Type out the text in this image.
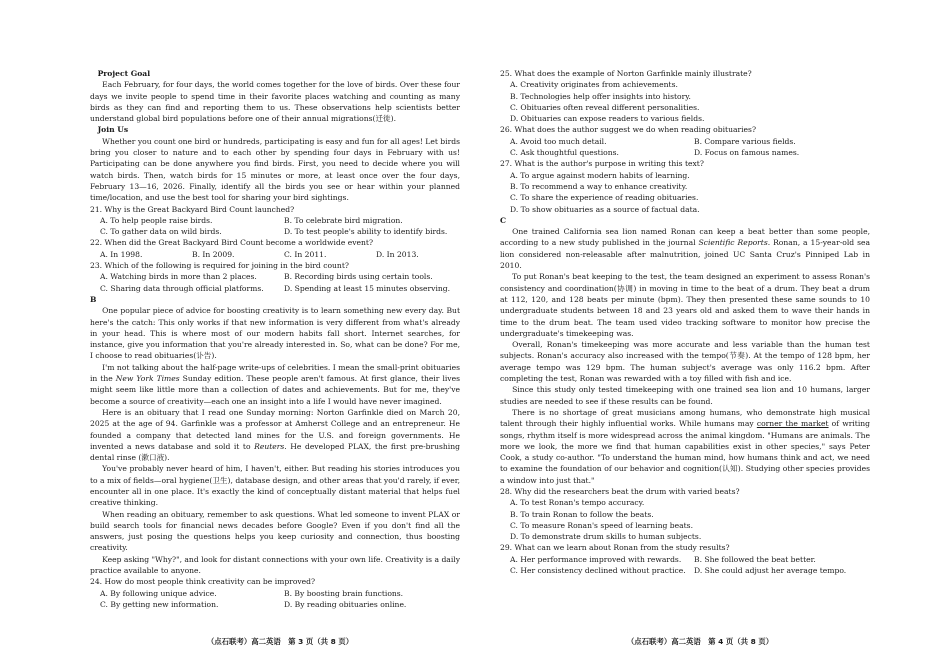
Project Goal

Each February, for four days, the world comes together for the love of birds. Over these four days we invite people to spend time in their favorite places watching and counting as many birds as they can find and reporting them to us. These observations help scientists better understand global bird populations before one of their annual migrations(迁徙).

Join Us

Whether you count one bird or hundreds, participating is easy and fun for all ages! Let birds bring you closer to nature and to each other by spending four days in February with us! Participating can be done anywhere you find birds. First, you need to decide where you will watch birds. Then, watch birds for 15 minutes or more, at least once over the four days, February 13—16, 2026. Finally, identify all the birds you see or hear within your planned time/location, and use the best tool for sharing your bird sightings.

21. Why is the Great Backyard Bird Count launched?

A. To help people raise birds.	B. To celebrate bird migration.
C. To gather data on wild birds.	D. To test people's ability to identify birds.

22. When did the Great Backyard Bird Count become a worldwide event?

A. In 1998.	B. In 2009.	C. In 2011.	D. In 2013.

23. Which of the following is required for joining in the bird count?

A. Watching birds in more than 2 places.	B. Recording birds using certain tools.
C. Sharing data through official platforms.	D. Spending at least 15 minutes observing.

B

One popular piece of advice for boosting creativity is to learn something new every day. But here's the catch: This only works if that new information is very different from what's already in your head. This is where most of our modern habits fall short. Internet searches, for instance, give you information that you're already interested in. So, what can be done? For me, I choose to read obituaries(讣告).

I'm not talking about the half-page write-ups of celebrities. I mean the small-print obituaries in the New York Times Sunday edition. These people aren't famous. At first glance, their lives might seem like little more than a collection of dates and achievements. But for me, they've become a source of creativity—each one an insight into a life I would have never imagined.

Here is an obituary that I read one Sunday morning: Norton Garfinkle died on March 20, 2025 at the age of 94. Garfinkle was a professor at Amherst College and an entrepreneur. He founded a company that detected land mines for the U.S. and foreign governments. He invented a news database and sold it to Reuters. He developed PLAX, the first pre-brushing dental rinse (漱口液).

You've probably never heard of him, I haven't, either. But reading his stories introduces you to a mix of fields—oral hygiene(卫生), database design, and other areas that you'd rarely, if ever, encounter all in one place. It's exactly the kind of conceptually distant material that helps fuel creative thinking.

When reading an obituary, remember to ask questions. What led someone to invent PLAX or build search tools for financial news decades before Google? Even if you don't find all the answers, just posing the questions helps you keep curiosity and connection, thus boosting creativity.

Keep asking "Why?", and look for distant connections with your own life. Creativity is a daily practice available to anyone.

24. How do most people think creativity can be improved?

A. By following unique advice.	B. By boosting brain functions.
C. By getting new information.	D. By reading obituaries online.

25. What does the example of Norton Garfinkle mainly illustrate?

A. Creativity originates from achievements.
B. Technologies help offer insights into history.
C. Obituaries often reveal different personalities.
D. Obituaries can expose readers to various fields.

26. What does the author suggest we do when reading obituaries?

A. Avoid too much detail.	B. Compare various fields.
C. Ask thoughtful questions.	D. Focus on famous names.

27. What is the author's purpose in writing this text?

A. To argue against modern habits of learning.
B. To recommend a way to enhance creativity.
C. To share the experience of reading obituaries.
D. To show obituaries as a source of factual data.

C

One trained California sea lion named Ronan can keep a beat better than some people, according to a new study published in the journal Scientific Reports. Ronan, a 15-year-old sea lion considered non-releasable after malnutrition, joined UC Santa Cruz's Pinniped Lab in 2010.

To put Ronan's beat keeping to the test, the team designed an experiment to assess Ronan's consistency and coordination(协调) in moving in time to the beat of a drum. They beat a drum at 112, 120, and 128 beats per minute (bpm). They then presented these same sounds to 10 undergraduate students between 18 and 23 years old and asked them to wave their hands in time to the drum beat. The team used video tracking software to monitor how precise the undergraduate's timekeeping was.

Overall, Ronan's timekeeping was more accurate and less variable than the human test subjects. Ronan's accuracy also increased with the tempo(节奏). At the tempo of 128 bpm, her average tempo was 129 bpm. The human subject's average was only 116.2 bpm. After completing the test, Ronan was rewarded with a toy filled with fish and ice.

Since this study only tested timekeeping with one trained sea lion and 10 humans, larger studies are needed to see if these results can be found.

There is no shortage of great musicians among humans, who demonstrate high musical talent through their highly influential works. While humans may corner the market of writing songs, rhythm itself is more widespread across the animal kingdom. "Humans are animals. The more we look, the more we find that human capabilities exist in other species," says Peter Cook, a study co-author. "To understand the human mind, how humans think and act, we need to examine the foundation of our behavior and cognition(认知). Studying other species provides a window into just that."

28. Why did the researchers beat the drum with varied beats?

A. To test Ronan's tempo accuracy.
B. To train Ronan to follow the beats.
C. To measure Ronan's speed of learning beats.
D. To demonstrate drum skills to human subjects.

29. What can we learn about Ronan from the study results?

A. Her performance improved with rewards.	B. She followed the beat better.
C. Her consistency declined without practice. D. She could adjust her average tempo.
（点石联考）高二英语　第 3 页（共 8 页）	（点石联考）高二英语　第 4 页（共 8 页）
